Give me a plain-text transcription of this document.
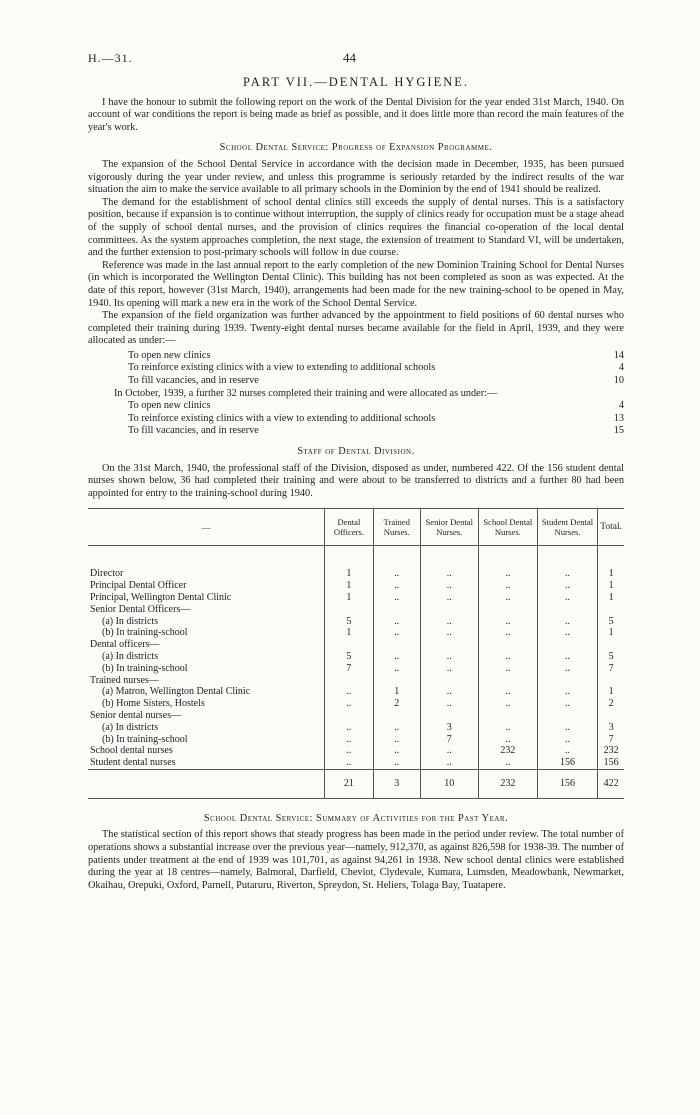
H.—31.	44
PART VII.—DENTAL HYGIENE.

I have the honour to submit the following report on the work of the Dental Division for the year ended 31st March, 1940. On account of war conditions the report is being made as brief as possible, and it does little more than record the main features of the year's work.

School Dental Service: Progress of Expansion Programme.

The expansion of the School Dental Service in accordance with the decision made in December, 1935, has been pursued vigorously during the year under review, and unless this programme is seriously retarded by the indirect results of the war situation the aim to make the service available to all primary schools in the Dominion by the end of 1941 should be realized.

The demand for the establishment of school dental clinics still exceeds the supply of dental nurses. This is a satisfactory position, because if expansion is to continue without interruption, the supply of clinics ready for occupation must be a stage ahead of the supply of school dental nurses, and the provision of clinics requires the financial co-operation of the local dental committees. As the system approaches completion, the next stage, the extension of treatment to Standard VI, will be undertaken, and the further extension to post-primary schools will follow in due course.

Reference was made in the last annual report to the early completion of the new Dominion Training School for Dental Nurses (in which is incorporated the Wellington Dental Clinic). This building has not been completed as soon as was expected. At the date of this report, however (31st March, 1940), arrangements had been made for the new training-school to be opened in May, 1940. Its opening will mark a new era in the work of the School Dental Service.

The expansion of the field organization was further advanced by the appointment to field positions of 60 dental nurses who completed their training during 1939. Twenty-eight dental nurses became available for the field in April, 1939, and they were allocated as under:—

To open new clinics	14
To reinforce existing clinics with a view to extending to additional schools	4
To fill vacancies, and in reserve	10
In October, 1939, a further 32 nurses completed their training and were allocated as under:—
To open new clinics	4
To reinforce existing clinics with a view to extending to additional schools	13
To fill vacancies, and in reserve	15
Staff of Dental Division.

On the 31st March, 1940, the professional staff of the Division, disposed as under, numbered 422. Of the 156 student dental nurses shown below, 36 had completed their training and were about to be transferred to districts and a further 80 had been appointed for entry to the training-school during 1940.

—	Dental Officers.	Trained Nurses.	Senior Dental Nurses.	School Dental Nurses.	Student Dental Nurses.	Total.

Director	1	..	..	..	..	1
Principal Dental Officer	1	..	..	..	..	1
Principal, Wellington Dental Clinic	1	..	..	..	..	1
Senior Dental Officers—						
(a) In districts	5	..	..	..	..	5
(b) In training-school	1	..	..	..	..	1
Dental officers—						
(a) In districts	5	..	..	..	..	5
(b) In training-school	7	..	..	..	..	7
Trained nurses—						
(a) Matron, Wellington Dental Clinic	..	1	..	..	..	1
(b) Home Sisters, Hostels	..	2	..	..	..	2
Senior dental nurses—						
(a) In districts	..	..	3	..	..	3
(b) In training-school	..	..	7	..	..	7
School dental nurses	..	..	..	232	..	232
Student dental nurses	..	..	..	..	156	156
	21	3	10	232	156	422
School Dental Service: Summary of Activities for the Past Year.

The statistical section of this report shows that steady progress has been made in the period under review. The total number of operations shows a substantial increase over the previous year—namely, 912,370, as against 826,598 for 1938-39. The number of patients under treatment at the end of 1939 was 101,701, as against 94,261 in 1938. New school dental clinics were established during the year at 18 centres—namely, Balmoral, Darfield, Cheviot, Clydevale, Kumara, Lumsden, Meadowbank, Newmarket, Okaihau, Orepuki, Oxford, Parnell, Putaruru, Riverton, Spreydon, St. Heliers, Tolaga Bay, Tuatapere.
